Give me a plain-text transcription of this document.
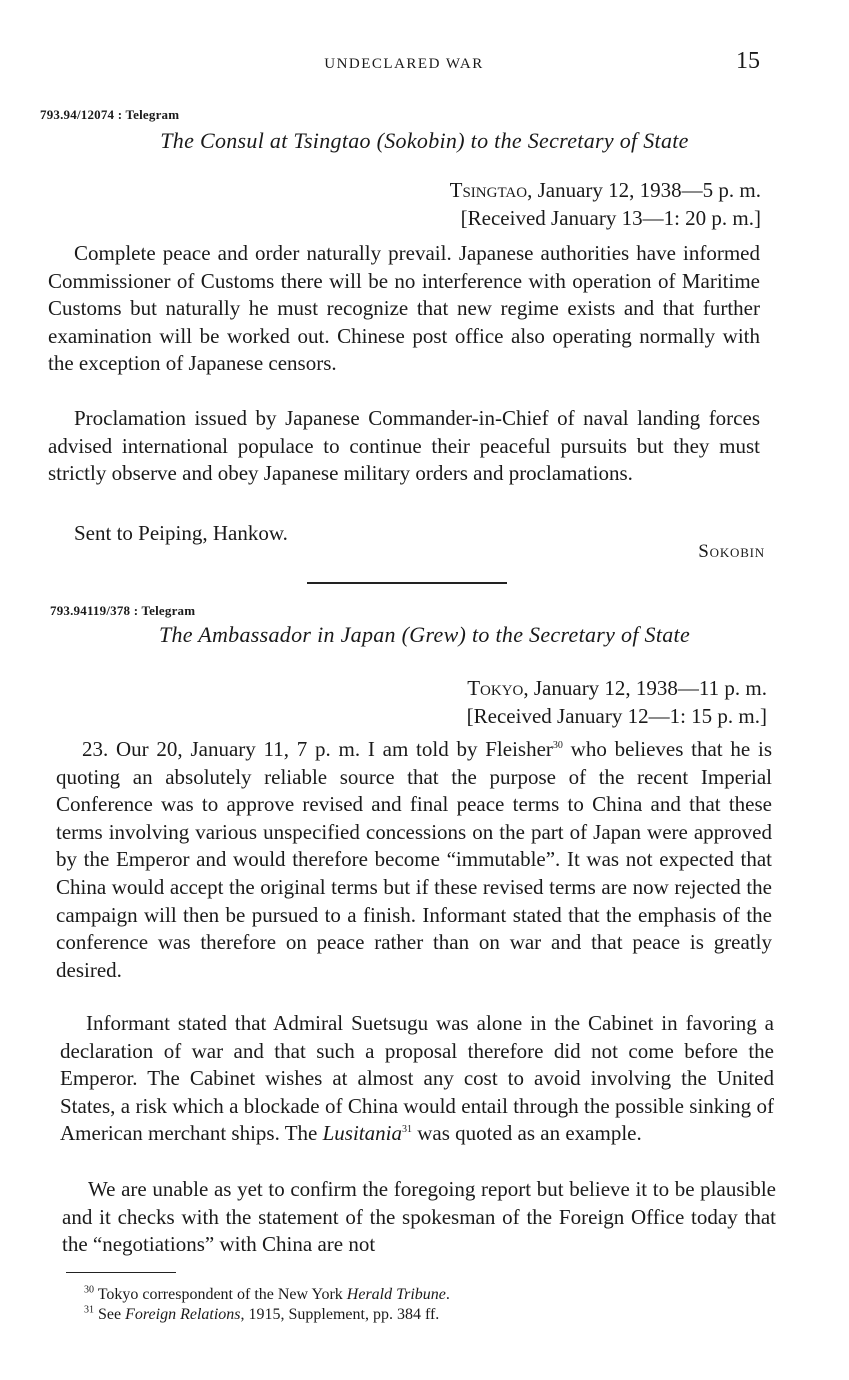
UNDECLARED WAR	15
793.94/12074 : Telegram
The Consul at Tsingtao (Sokobin) to the Secretary of State
Tsingtao, January 12, 1938—5 p. m.
[Received January 13—1: 20 p. m.]

Complete peace and order naturally prevail. Japanese authorities have informed Commissioner of Customs there will be no interference with operation of Maritime Customs but naturally he must recognize that new regime exists and that further examination will be worked out. Chinese post office also operating normally with the exception of Japanese censors.

Proclamation issued by Japanese Commander-in-Chief of naval landing forces advised international populace to continue their peaceful pursuits but they must strictly observe and obey Japanese military orders and proclamations.

Sent to Peiping, Hankow.

Sokobin
793.94119/378 : Telegram
The Ambassador in Japan (Grew) to the Secretary of State
Tokyo, January 12, 1938—11 p. m.
[Received January 12—1: 15 p. m.]

23. Our 20, January 11, 7 p. m. I am told by Fleisher$^{30}$ who believes that he is quoting an absolutely reliable source that the purpose of the recent Imperial Conference was to approve revised and final peace terms to China and that these terms involving various unspecified concessions on the part of Japan were approved by the Emperor and would therefore become “immutable”. It was not expected that China would accept the original terms but if these revised terms are now rejected the campaign will then be pursued to a finish. Informant stated that the emphasis of the conference was therefore on peace rather than on war and that peace is greatly desired.

Informant stated that Admiral Suetsugu was alone in the Cabinet in favoring a declaration of war and that such a proposal therefore did not come before the Emperor. The Cabinet wishes at almost any cost to avoid involving the United States, a risk which a blockade of China would entail through the possible sinking of American merchant ships. The Lusitania$^{31}$ was quoted as an example.

We are unable as yet to confirm the foregoing report but believe it to be plausible and it checks with the statement of the spokesman of the Foreign Office today that the “negotiations” with China are not

$^{30}$ Tokyo correspondent of the New York Herald Tribune.
$^{31}$ See Foreign Relations, 1915, Supplement, pp. 384 ff.
